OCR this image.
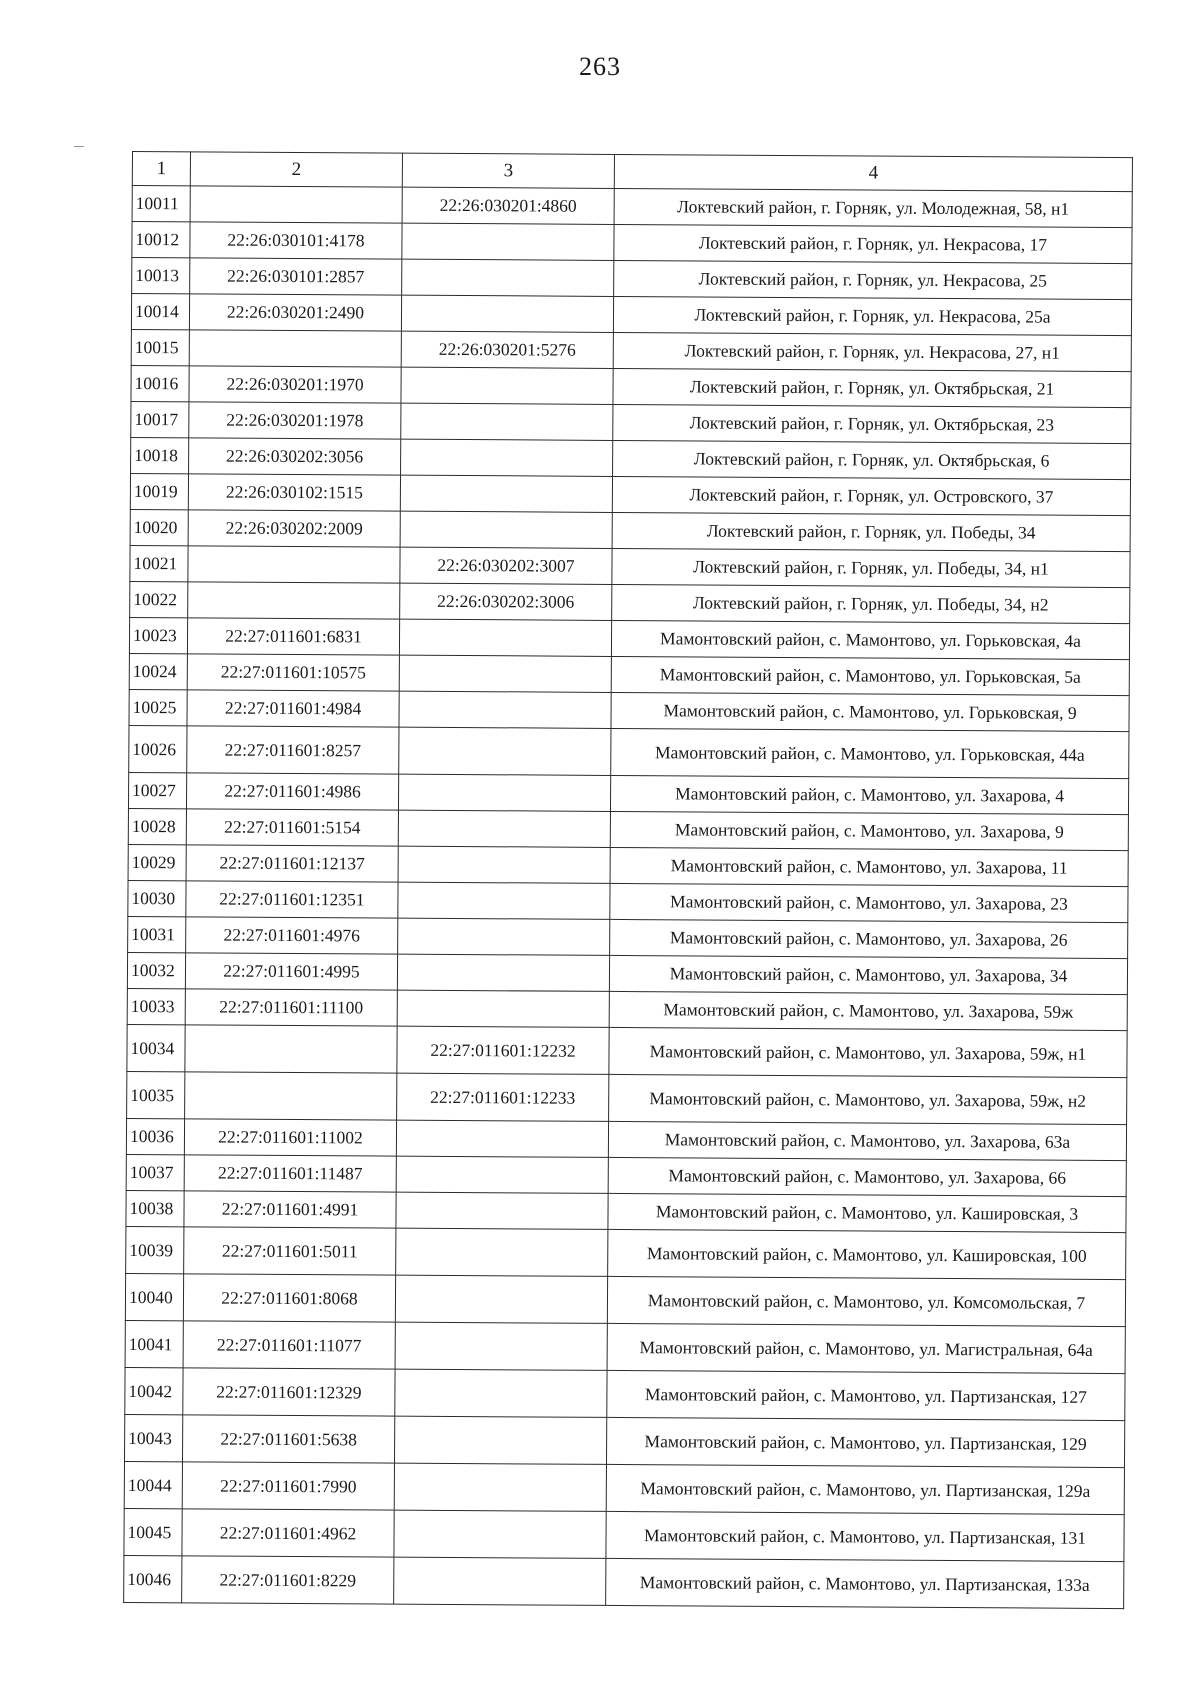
263
1	2	3	4
10011		22:26:030201:4860	Локтевский район, г. Горняк, ул. Молодежная, 58, н1
10012	22:26:030101:4178		Локтевский район, г. Горняк, ул. Некрасова, 17
10013	22:26:030101:2857		Локтевский район, г. Горняк, ул. Некрасова, 25
10014	22:26:030201:2490		Локтевский район, г. Горняк, ул. Некрасова, 25а
10015		22:26:030201:5276	Локтевский район, г. Горняк, ул. Некрасова, 27, н1
10016	22:26:030201:1970		Локтевский район, г. Горняк, ул. Октябрьская, 21
10017	22:26:030201:1978		Локтевский район, г. Горняк, ул. Октябрьская, 23
10018	22:26:030202:3056		Локтевский район, г. Горняк, ул. Октябрьская, 6
10019	22:26:030102:1515		Локтевский район, г. Горняк, ул. Островского, 37
10020	22:26:030202:2009		Локтевский район, г. Горняк, ул. Победы, 34
10021		22:26:030202:3007	Локтевский район, г. Горняк, ул. Победы, 34, н1
10022		22:26:030202:3006	Локтевский район, г. Горняк, ул. Победы, 34, н2
10023	22:27:011601:6831		Мамонтовский район, с. Мамонтово, ул. Горьковская, 4а
10024	22:27:011601:10575		Мамонтовский район, с. Мамонтово, ул. Горьковская, 5а
10025	22:27:011601:4984		Мамонтовский район, с. Мамонтово, ул. Горьковская, 9
10026	22:27:011601:8257		Мамонтовский район, с. Мамонтово, ул. Горьковская, 44а
10027	22:27:011601:4986		Мамонтовский район, с. Мамонтово, ул. Захарова, 4
10028	22:27:011601:5154		Мамонтовский район, с. Мамонтово, ул. Захарова, 9
10029	22:27:011601:12137		Мамонтовский район, с. Мамонтово, ул. Захарова, 11
10030	22:27:011601:12351		Мамонтовский район, с. Мамонтово, ул. Захарова, 23
10031	22:27:011601:4976		Мамонтовский район, с. Мамонтово, ул. Захарова, 26
10032	22:27:011601:4995		Мамонтовский район, с. Мамонтово, ул. Захарова, 34
10033	22:27:011601:11100		Мамонтовский район, с. Мамонтово, ул. Захарова, 59ж
10034		22:27:011601:12232	Мамонтовский район, с. Мамонтово, ул. Захарова, 59ж, н1
10035		22:27:011601:12233	Мамонтовский район, с. Мамонтово, ул. Захарова, 59ж, н2
10036	22:27:011601:11002		Мамонтовский район, с. Мамонтово, ул. Захарова, 63а
10037	22:27:011601:11487		Мамонтовский район, с. Мамонтово, ул. Захарова, 66
10038	22:27:011601:4991		Мамонтовский район, с. Мамонтово, ул. Кашировская, 3
10039	22:27:011601:5011		Мамонтовский район, с. Мамонтово, ул. Кашировская, 100
10040	22:27:011601:8068		Мамонтовский район, с. Мамонтово, ул. Комсомольская, 7
10041	22:27:011601:11077		Мамонтовский район, с. Мамонтово, ул. Магистральная, 64а
10042	22:27:011601:12329		Мамонтовский район, с. Мамонтово, ул. Партизанская, 127
10043	22:27:011601:5638		Мамонтовский район, с. Мамонтово, ул. Партизанская, 129
10044	22:27:011601:7990		Мамонтовский район, с. Мамонтово, ул. Партизанская, 129а
10045	22:27:011601:4962		Мамонтовский район, с. Мамонтово, ул. Партизанская, 131
10046	22:27:011601:8229		Мамонтовский район, с. Мамонтово, ул. Партизанская, 133а
